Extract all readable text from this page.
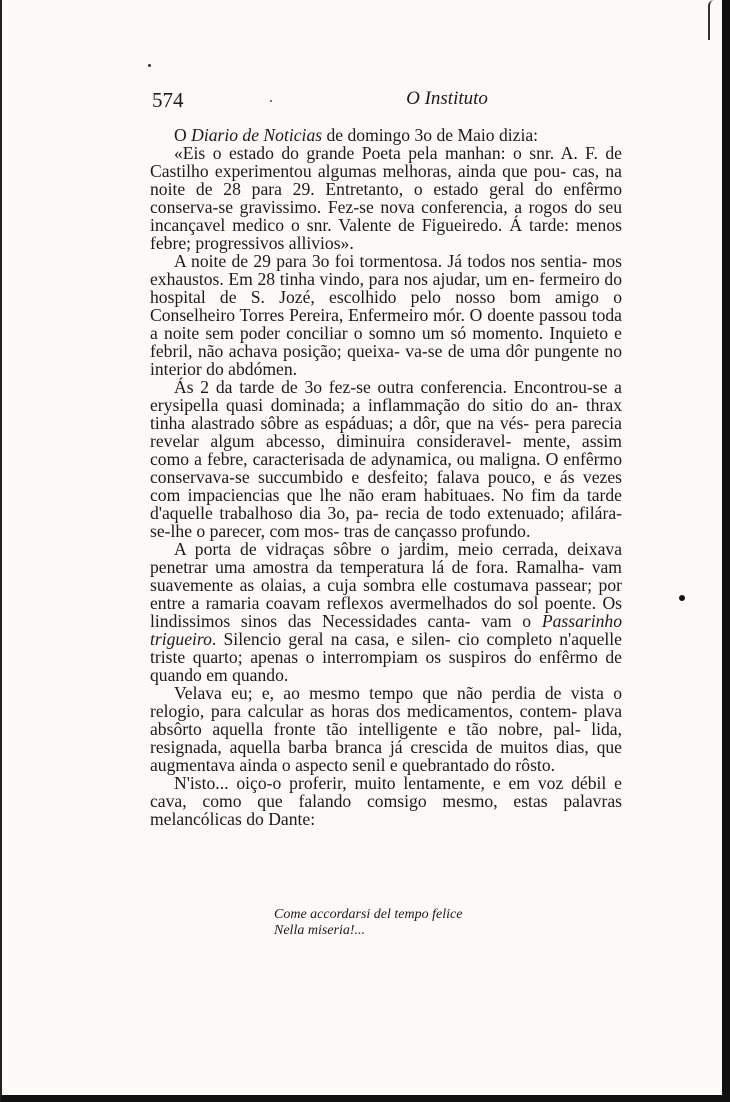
574	O Instituto

O Diario de Noticias de domingo 3o de Maio dizia:

«Eis o estado do grande Poeta pela manhan: o snr. A. F. de Castilho experimentou algumas melhoras, ainda que pou- cas, na noite de 28 para 29. Entretanto, o estado geral do enfêrmo conserva-se gravissimo. Fez-se nova conferencia, a rogos do seu incançavel medico o snr. Valente de Figueiredo. Á tarde: menos febre; progressivos allivios».

A noite de 29 para 3o foi tormentosa. Já todos nos sentia- mos exhaustos. Em 28 tinha vindo, para nos ajudar, um en- fermeiro do hospital de S. Jozé, escolhido pelo nosso bom amigo o Conselheiro Torres Pereira, Enfermeiro mór. O doente passou toda a noite sem poder conciliar o somno um só momento. Inquieto e febril, não achava posição; queixa- va-se de uma dôr pungente no interior do abdómen.

Ás 2 da tarde de 3o fez-se outra conferencia. Encontrou-se a erysipella quasi dominada; a inflammação do sitio do an- thrax tinha alastrado sôbre as espáduas; a dôr, que na vés- pera parecia revelar algum abcesso, diminuira consideravel- mente, assim como a febre, caracterisada de adynamica, ou maligna. O enfêrmo conservava-se succumbido e desfeito; falava pouco, e ás vezes com impaciencias que lhe não eram habituaes. No fim da tarde d'aquelle trabalhoso dia 3o, pa- recia de todo extenuado; afilára-se-lhe o parecer, com mos- tras de cançasso profundo.

A porta de vidraças sôbre o jardim, meio cerrada, deixava penetrar uma amostra da temperatura lá de fora. Ramalha- vam suavemente as olaias, a cuja sombra elle costumava passear; por entre a ramaria coavam reflexos avermelhados do sol poente. Os lindissimos sinos das Necessidades canta- vam o Passarinho trigueiro. Silencio geral na casa, e silen- cio completo n'aquelle triste quarto; apenas o interrompiam os suspiros do enfêrmo de quando em quando.

Velava eu; e, ao mesmo tempo que não perdia de vista o relogio, para calcular as horas dos medicamentos, contem- plava absôrto aquella fronte tão intelligente e tão nobre, pal- lida, resignada, aquella barba branca já crescida de muitos dias, que augmentava ainda o aspecto senil e quebrantado do rôsto.

N'isto... oiço-o proferir, muito lentamente, e em voz débil e cava, como que falando comsigo mesmo, estas palavras melancólicas do Dante:

Come accordarsi del tempo felice
Nella miseria!...
